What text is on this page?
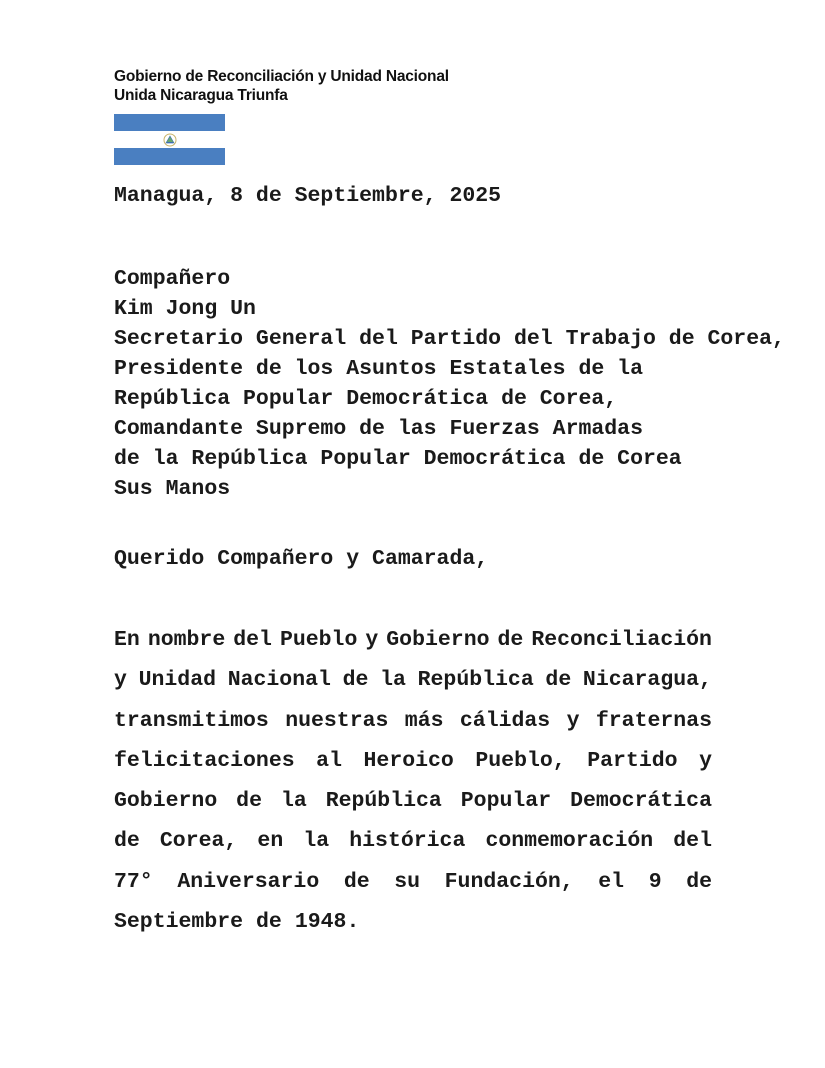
Gobierno de Reconciliación y Unidad Nacional
Unida Nicaragua Triunfa
Managua, 8 de Septiembre, 2025
Compañero
Kim Jong Un
Secretario General del Partido del Trabajo de Corea,
Presidente de los Asuntos Estatales de la
República Popular Democrática de Corea,
Comandante Supremo de las Fuerzas Armadas
de la República Popular Democrática de Corea
Sus Manos
Querido Compañero y Camarada,
En nombre del Pueblo y Gobierno de Reconciliación
y Unidad Nacional de la República de Nicaragua,
transmitimos nuestras más cálidas y fraternas
felicitaciones al Heroico Pueblo, Partido y
Gobierno de la República Popular Democrática
de Corea, en la histórica conmemoración del
77° Aniversario de su Fundación, el 9 de
Septiembre de 1948.
